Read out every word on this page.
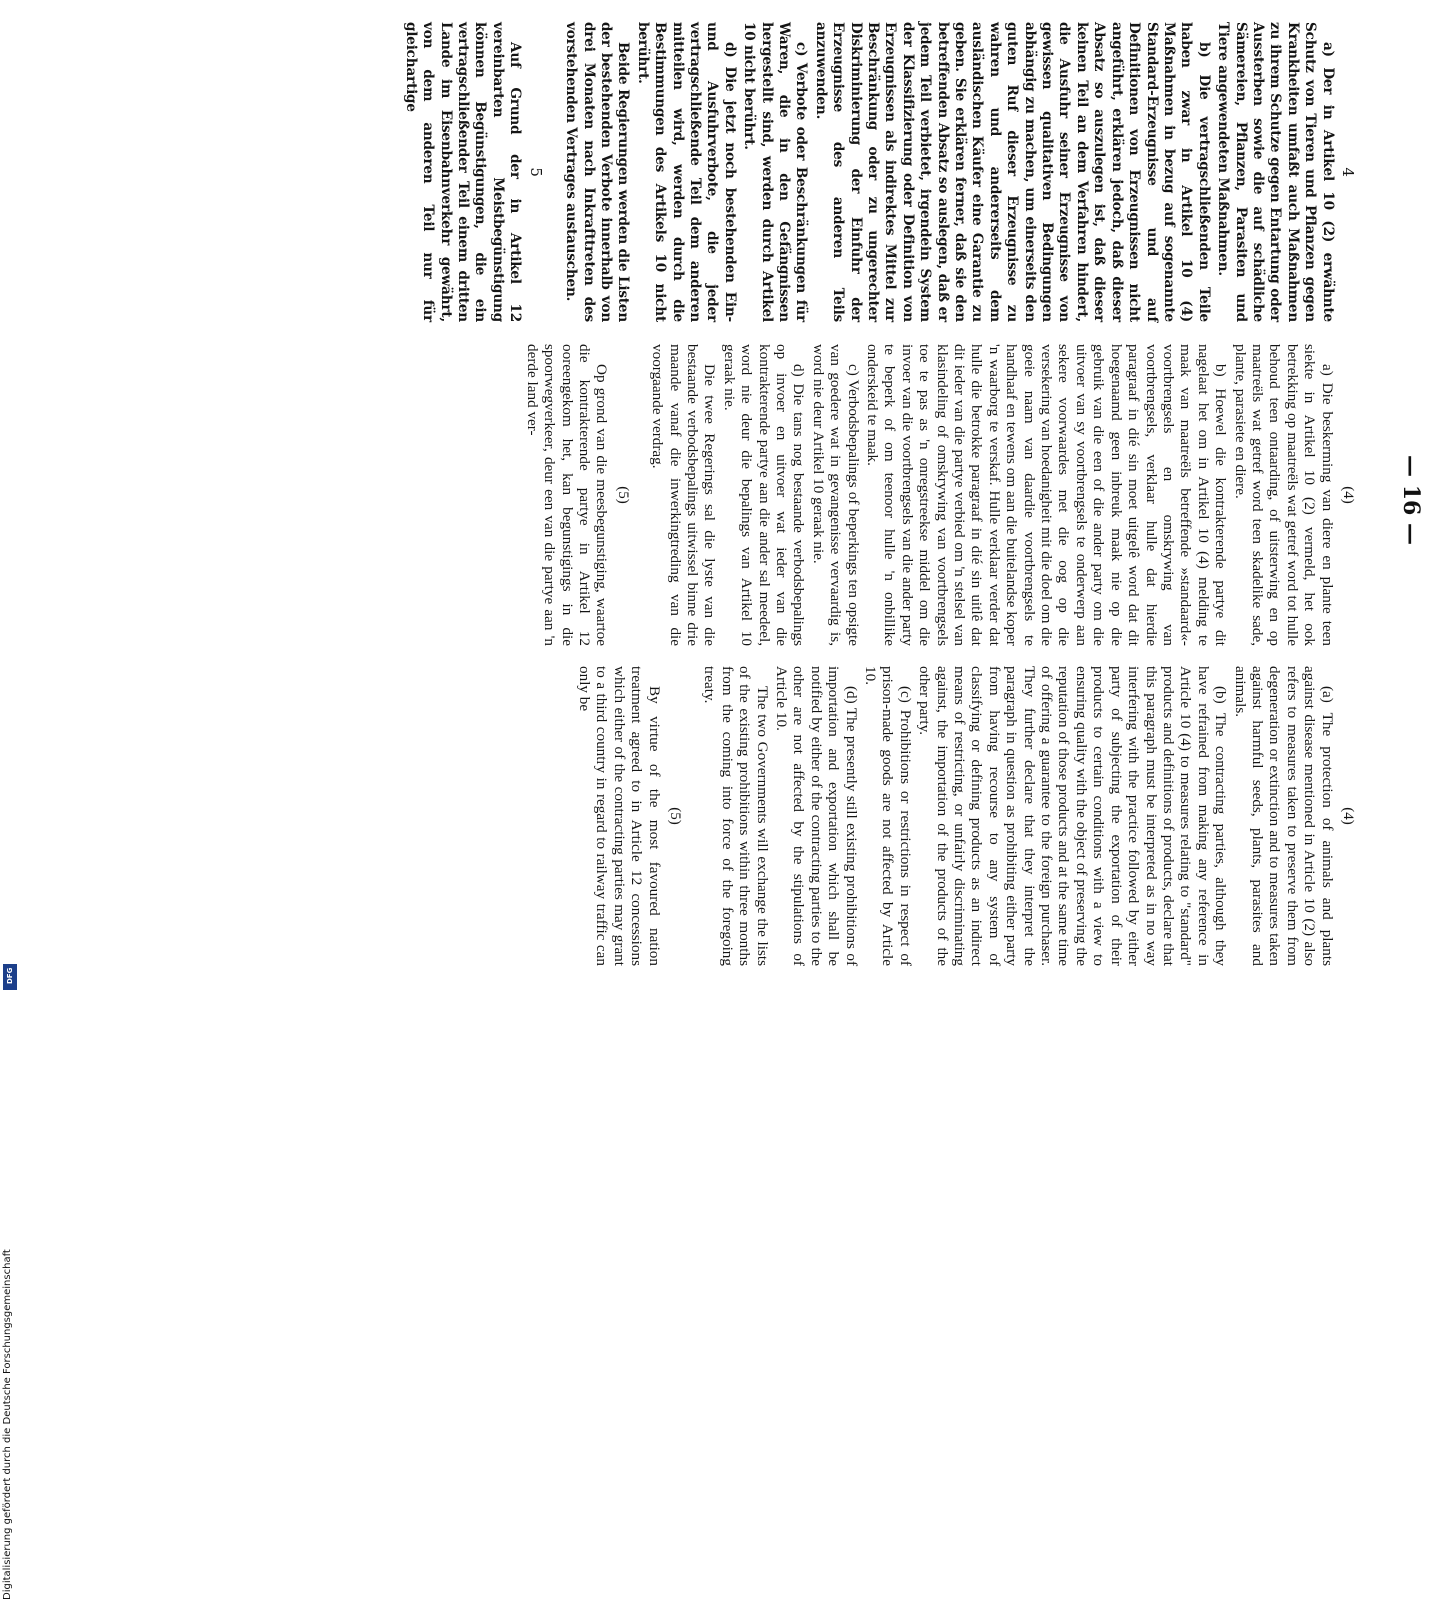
— 16 —
4

a) Der in Artikel 10 (2) erwähnte Schutz von Tieren und Pflanzen gegen Krankheiten umfaßt auch Maßnahmen zu ihrem Schutze gegen Entartung oder Aussterben sowie die auf schädliche Sämereien, Pflanzen, Parasiten und Tiere angewendeten Maßnahmen.

b) Die vertragschließenden Teile haben zwar in Artikel 10 (4) Maßnahmen in bezug auf sogenannte Standard-Erzeugnisse und auf Definitionen von Erzeugnissen nicht angeführt, erklären jedoch, daß dieser Absatz so auszulegen ist, daß dieser keinen Teil an dem Verfahren hindert, die Ausfuhr seiner Erzeugnisse von gewissen qualitativen Bedingungen abhängig zu machen, um einerseits den guten Ruf dieser Erzeugnisse zu wahren und andererseits dem ausländischen Käufer eine Garantie zu geben. Sie erklären ferner, daß sie den betreffenden Absatz so auslegen, daß er jedem Teil verbietet, irgendein System der Klassifizierung oder Definition von Erzeugnissen als indirektes Mittel zur Beschränkung oder zu ungerechter Diskriminierung der Einfuhr der Erzeugnisse des anderen Teils anzuwenden.

c) Verbote oder Beschränkungen für Waren, die in den Gefängnissen hergestellt sind, werden durch Artikel 10 nicht berührt.

d) Die jetzt noch bestehenden Ein- und Ausfuhrverbote, die jeder vertragschließende Teil dem anderen mitteilen wird, werden durch die Bestimmungen des Artikels 10 nicht berührt.

Beide Regierungen werden die Listen der bestehenden Verbote innerhalb von drei Monaten nach Inkrafttreten des vorstehenden Vertrages austauschen.

5

Auf Grund der in Artikel 12 vereinbarten Meistbegünstigung können Begünstigungen, die ein vertragschließender Teil einem dritten Lande im Eisenbahnverkehr gewährt, von dem anderen Teil nur für gleichartige

(4)

a) Die beskerming van diere en plante teen siekte in Artikel 10 (2) vermeld, het ook betrekking op maatreëls wat getref word tot hulle behoud teen ontaarding, of uitsterwing en op maatreëls wat getref word teen skadelike sade, plante, parasiete en diere.

b) Hoewel die kontrakterende partye dit nagelaat het om in Artikel 10 (4) melding te maak van maatreëls betreffende »standaard«-voortbrengsels en omskrywing van voortbrengsels, verklaar hulle dat hierdie paragraaf in dié sin moet uitgelê word dat dit hoegenaamd geen inbreuk maak nie op die gebruik van die een of die ander party om die uitvoer van sy voortbrengsels te onderwerp aan sekere voorwaardes met die oog op die versekering van hoedanigheit mit die doel om die goeie naam van daardie voortbrengsels te handhaaf en tewens om aan die buitelandse koper 'n waarborg te verskaf. Hulle verklaar verder dat hulle die betrokke paragraaf in dié sin uitlê dat dit ieder van die partye verbied om 'n stelsel van klasindeling of omskrywing van voortbrengsels toe te pas as 'n onregstreekse middel om die invoer van die voortbrengsels van die ander party te beperk of om teenoor hulle 'n onbillike onderskeid te maak.

c) Verbodsbepalings of beperkings ten opsigte van goedere wat in gevangenisse vervaardig is, word nie deur Artikel 10 geraak nie.

d) Die tans nog bestaande verbodsbepalings op invoer en uitvoer wat ieder van die kontrakterende partye aan die ander sal meedeel, word nie deur die bepalings van Artikel 10 geraak nie.

Die twee Regerings sal die lyste van die bestaande verbodsbepalings uitwissel binne drie maande vanaf die inwerkingtreding van die voorgaande verdrag.

(5)

Op grond van die meesbegunstiging, waartoe die kontrakterende partye in Artikel 12 ooreengekom het, kan begunstigings in die spoorwegverkeer, deur een van die partye aan 'n derde land ver-

(4)

(a) The protection of animals and plants against disease mentioned in Article 10 (2) also refers to measures taken to preserve them from degeneration or extinction and to measures taken against harmful seeds, plants, parasites and animals.

(b) The contracting parties, although they have refrained from making any reference in Article 10 (4) to measures relating to "standard" products and definitions of products, declare that this paragraph must be interpreted as in no way interfering with the practice followed by either party of subjecting the exportation of their products to certain conditions with a view to ensuring quality with the object of preserving the reputation of those products and at the same time of offering a guarantee to the foreign purchaser. They further declare that they interpret the paragraph in question as prohibiting either party from having recourse to any system of classifying or defining products as an indirect means of restricting, or unfairly discriminating against, the importation of the products of the other party.

(c) Prohibitions or restrictions in respect of prison-made goods are not affected by Article 10.

(d) The presently still existing prohibitions of importation and exportation which shall be notified by either of the contracting parties to the other are not affected by the stipulations of Article 10.

The two Governments will exchange the lists of the existing prohibitions within three months from the coming into force of the foregoing treaty.

(5)

By virtue of the most favoured nation treatment agreed to in Article 12 concessions which either of the contracting parties may grant to a third country in regard to railway traffic can only be

Digitalisierung gefördert durch die Deutsche Forschungsgemeinschaft
DFG
